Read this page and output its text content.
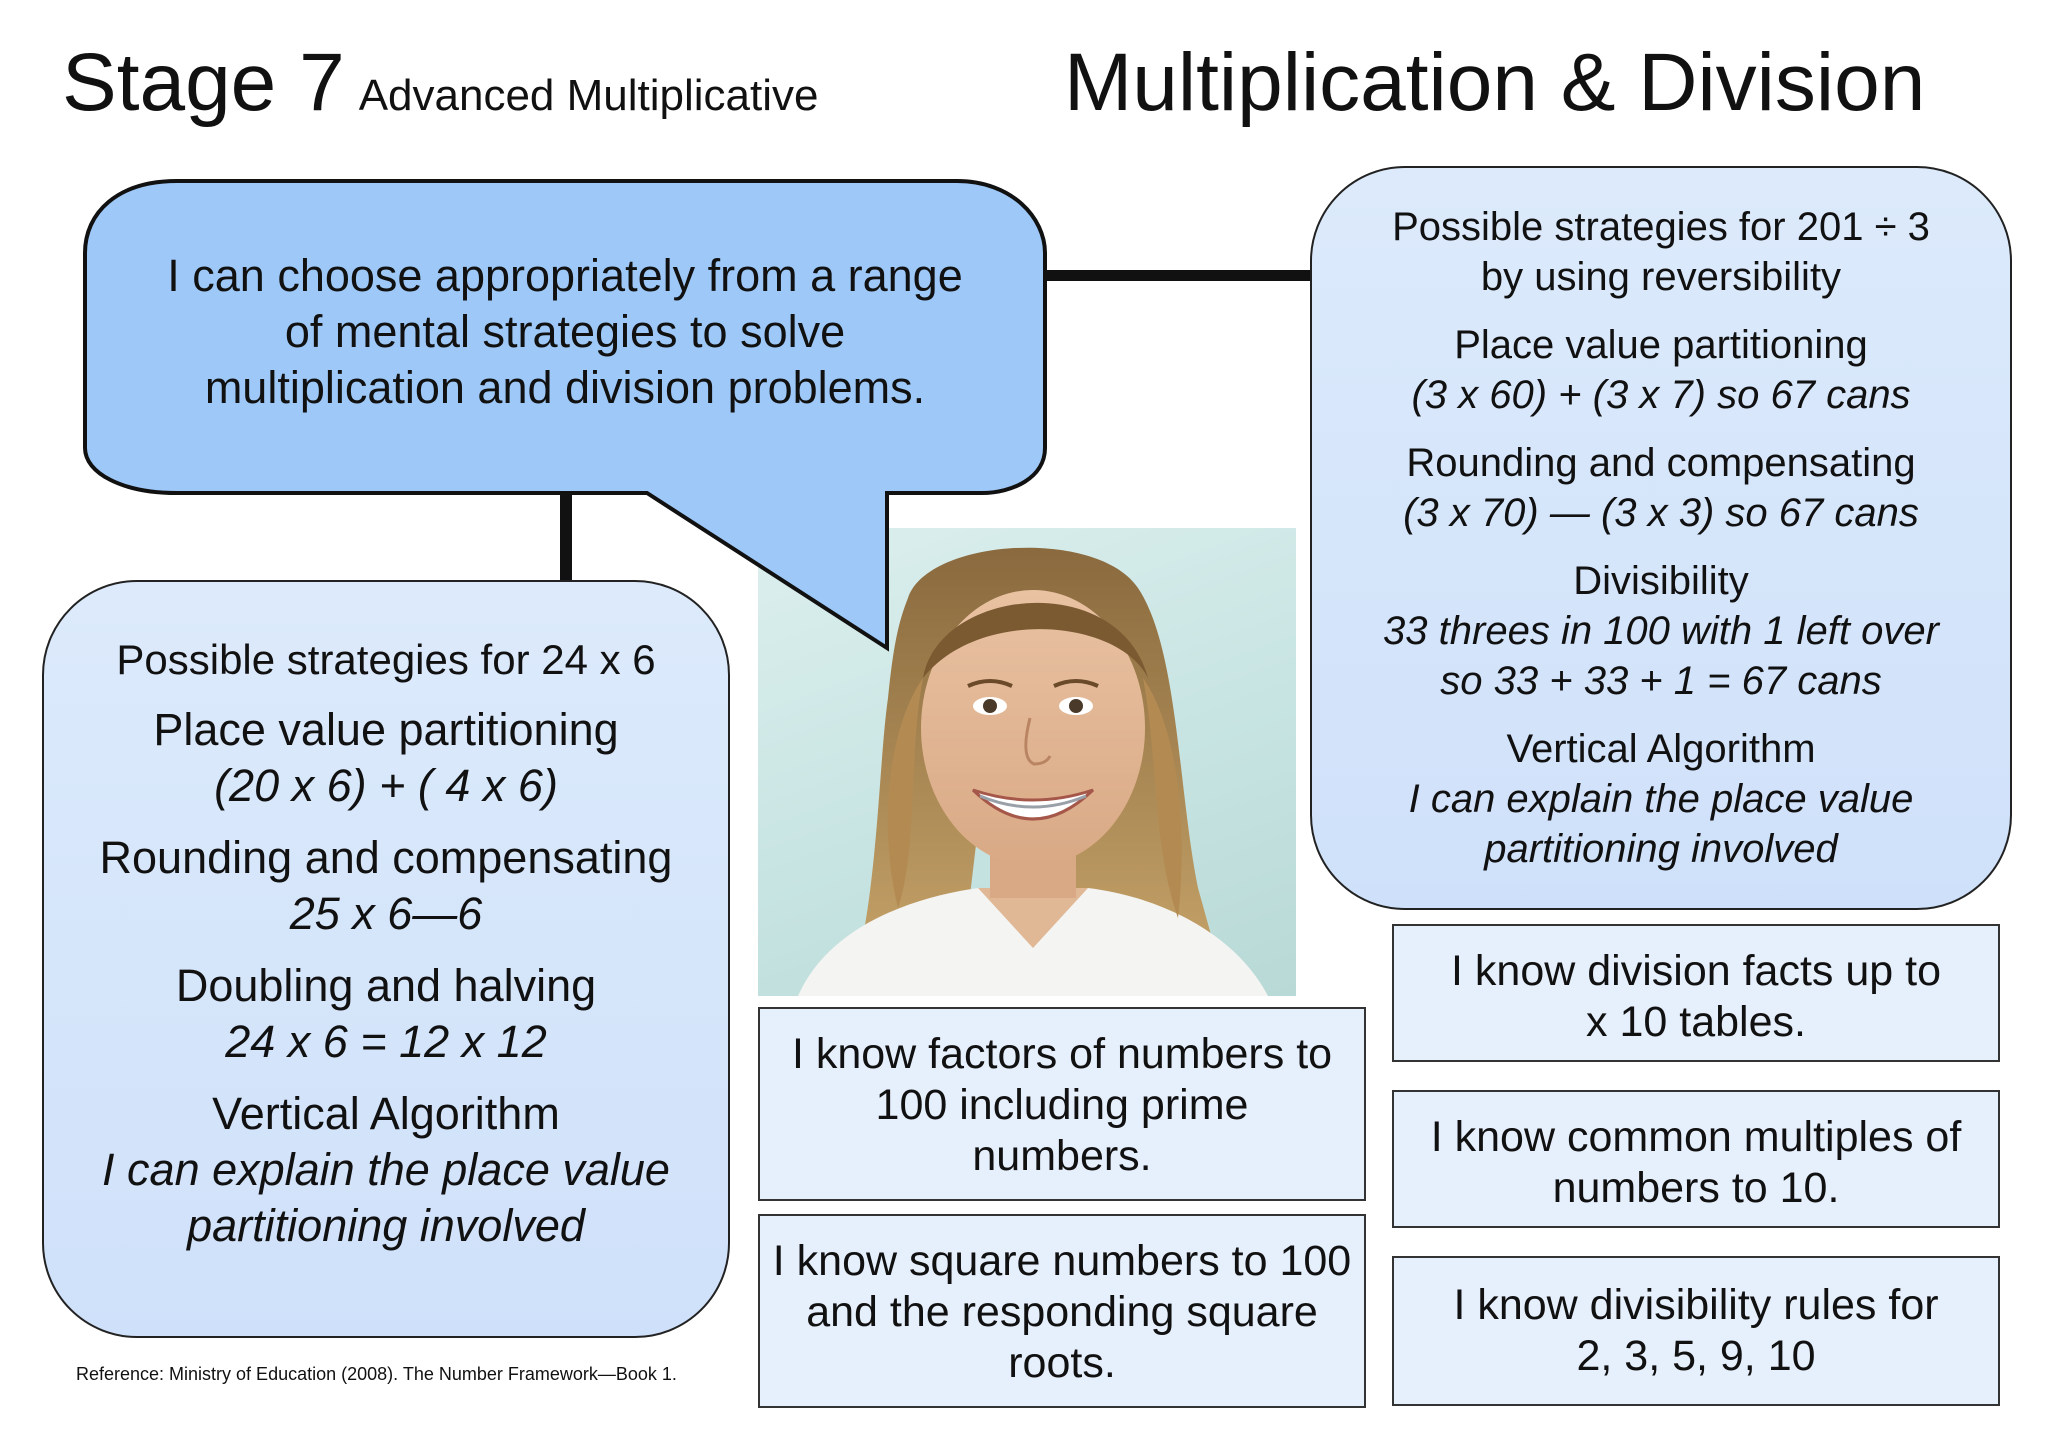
Stage 7 Advanced Multiplicative	Multiplication & Division
I can choose appropriately from a range
of mental strategies to solve
multiplication and division problems.
Possible strategies for 24 x 6
Place value partitioning
(20 x 6) + ( 4 x 6)
Rounding and compensating
25 x 6—6
Doubling and halving
24 x 6 = 12 x 12
Vertical Algorithm
I can explain the place value
partitioning involved
Possible strategies for 201 ÷ 3
by using reversibility
Place value partitioning
(3 x 60) + (3 x 7) so 67 cans
Rounding and compensating
(3 x 70) — (3 x 3) so 67 cans
Divisibility
33 threes in 100 with 1 left over
so 33 + 33 + 1 = 67 cans
Vertical Algorithm
I can explain the place value
partitioning involved
I know factors of numbers to
100 including prime
numbers.
I know square numbers to 100
and the responding square
roots.
I know division facts up to
x 10 tables.
I know common multiples of
numbers to 10.
I know divisibility rules for
2, 3, 5, 9, 10
Reference: Ministry of Education (2008). The Number Framework—Book 1.
